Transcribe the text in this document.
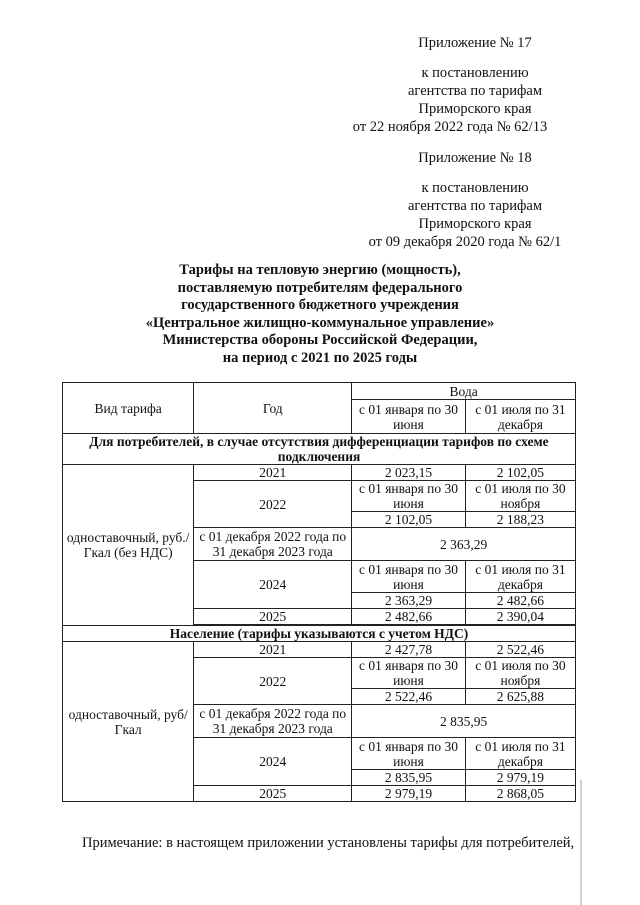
Приложение № 17
к постановлению
агентства по тарифам
Приморского края
от 22 ноября 2022 года № 62/13
Приложение № 18
к постановлению
агентства по тарифам
Приморского края
от 09 декабря 2020 года № 62/1
Тарифы на тепловую энергию (мощность),
поставляемую потребителям федерального
государственного бюджетного учреждения
«Центральное жилищно-коммунальное управление»
Министерства обороны Российской Федерации,
на период с 2021 по 2025 годы
Вид тарифа	Год	Вода	
		с 01 января по 30 июня	с 01 июля по 31 декабря
Для потребителей, в случае отсутствия дифференциации тарифов по схеме подключения			
одноставочный, руб./Гкал (без НДС)	2021	2 023,15	2 102,05
	2022	с 01 января по 30 июня	с 01 июля по 30 ноября
		2 102,05	2 188,23
	с 01 декабря 2022 года по 31 декабря 2023 года	2 363,29	
	2024	с 01 января по 30 июня	с 01 июля по 31 декабря
		2 363,29	2 482,66
	2025	2 482,66	2 390,04

Население (тарифы указываются с учетом НДС)			
одноставочный, руб/Гкал	2021	2 427,78	2 522,46
	2022	с 01 января по 30 июня	с 01 июля по 30 ноября
		2 522,46	2 625,88
	с 01 декабря 2022 года по 31 декабря 2023 года	2 835,95	
	2024	с 01 января по 30 июня	с 01 июля по 31 декабря
		2 835,95	2 979,19
	2025	2 979,19	2 868,05
Примечание: в настоящем приложении установлены тарифы для потребителей,
